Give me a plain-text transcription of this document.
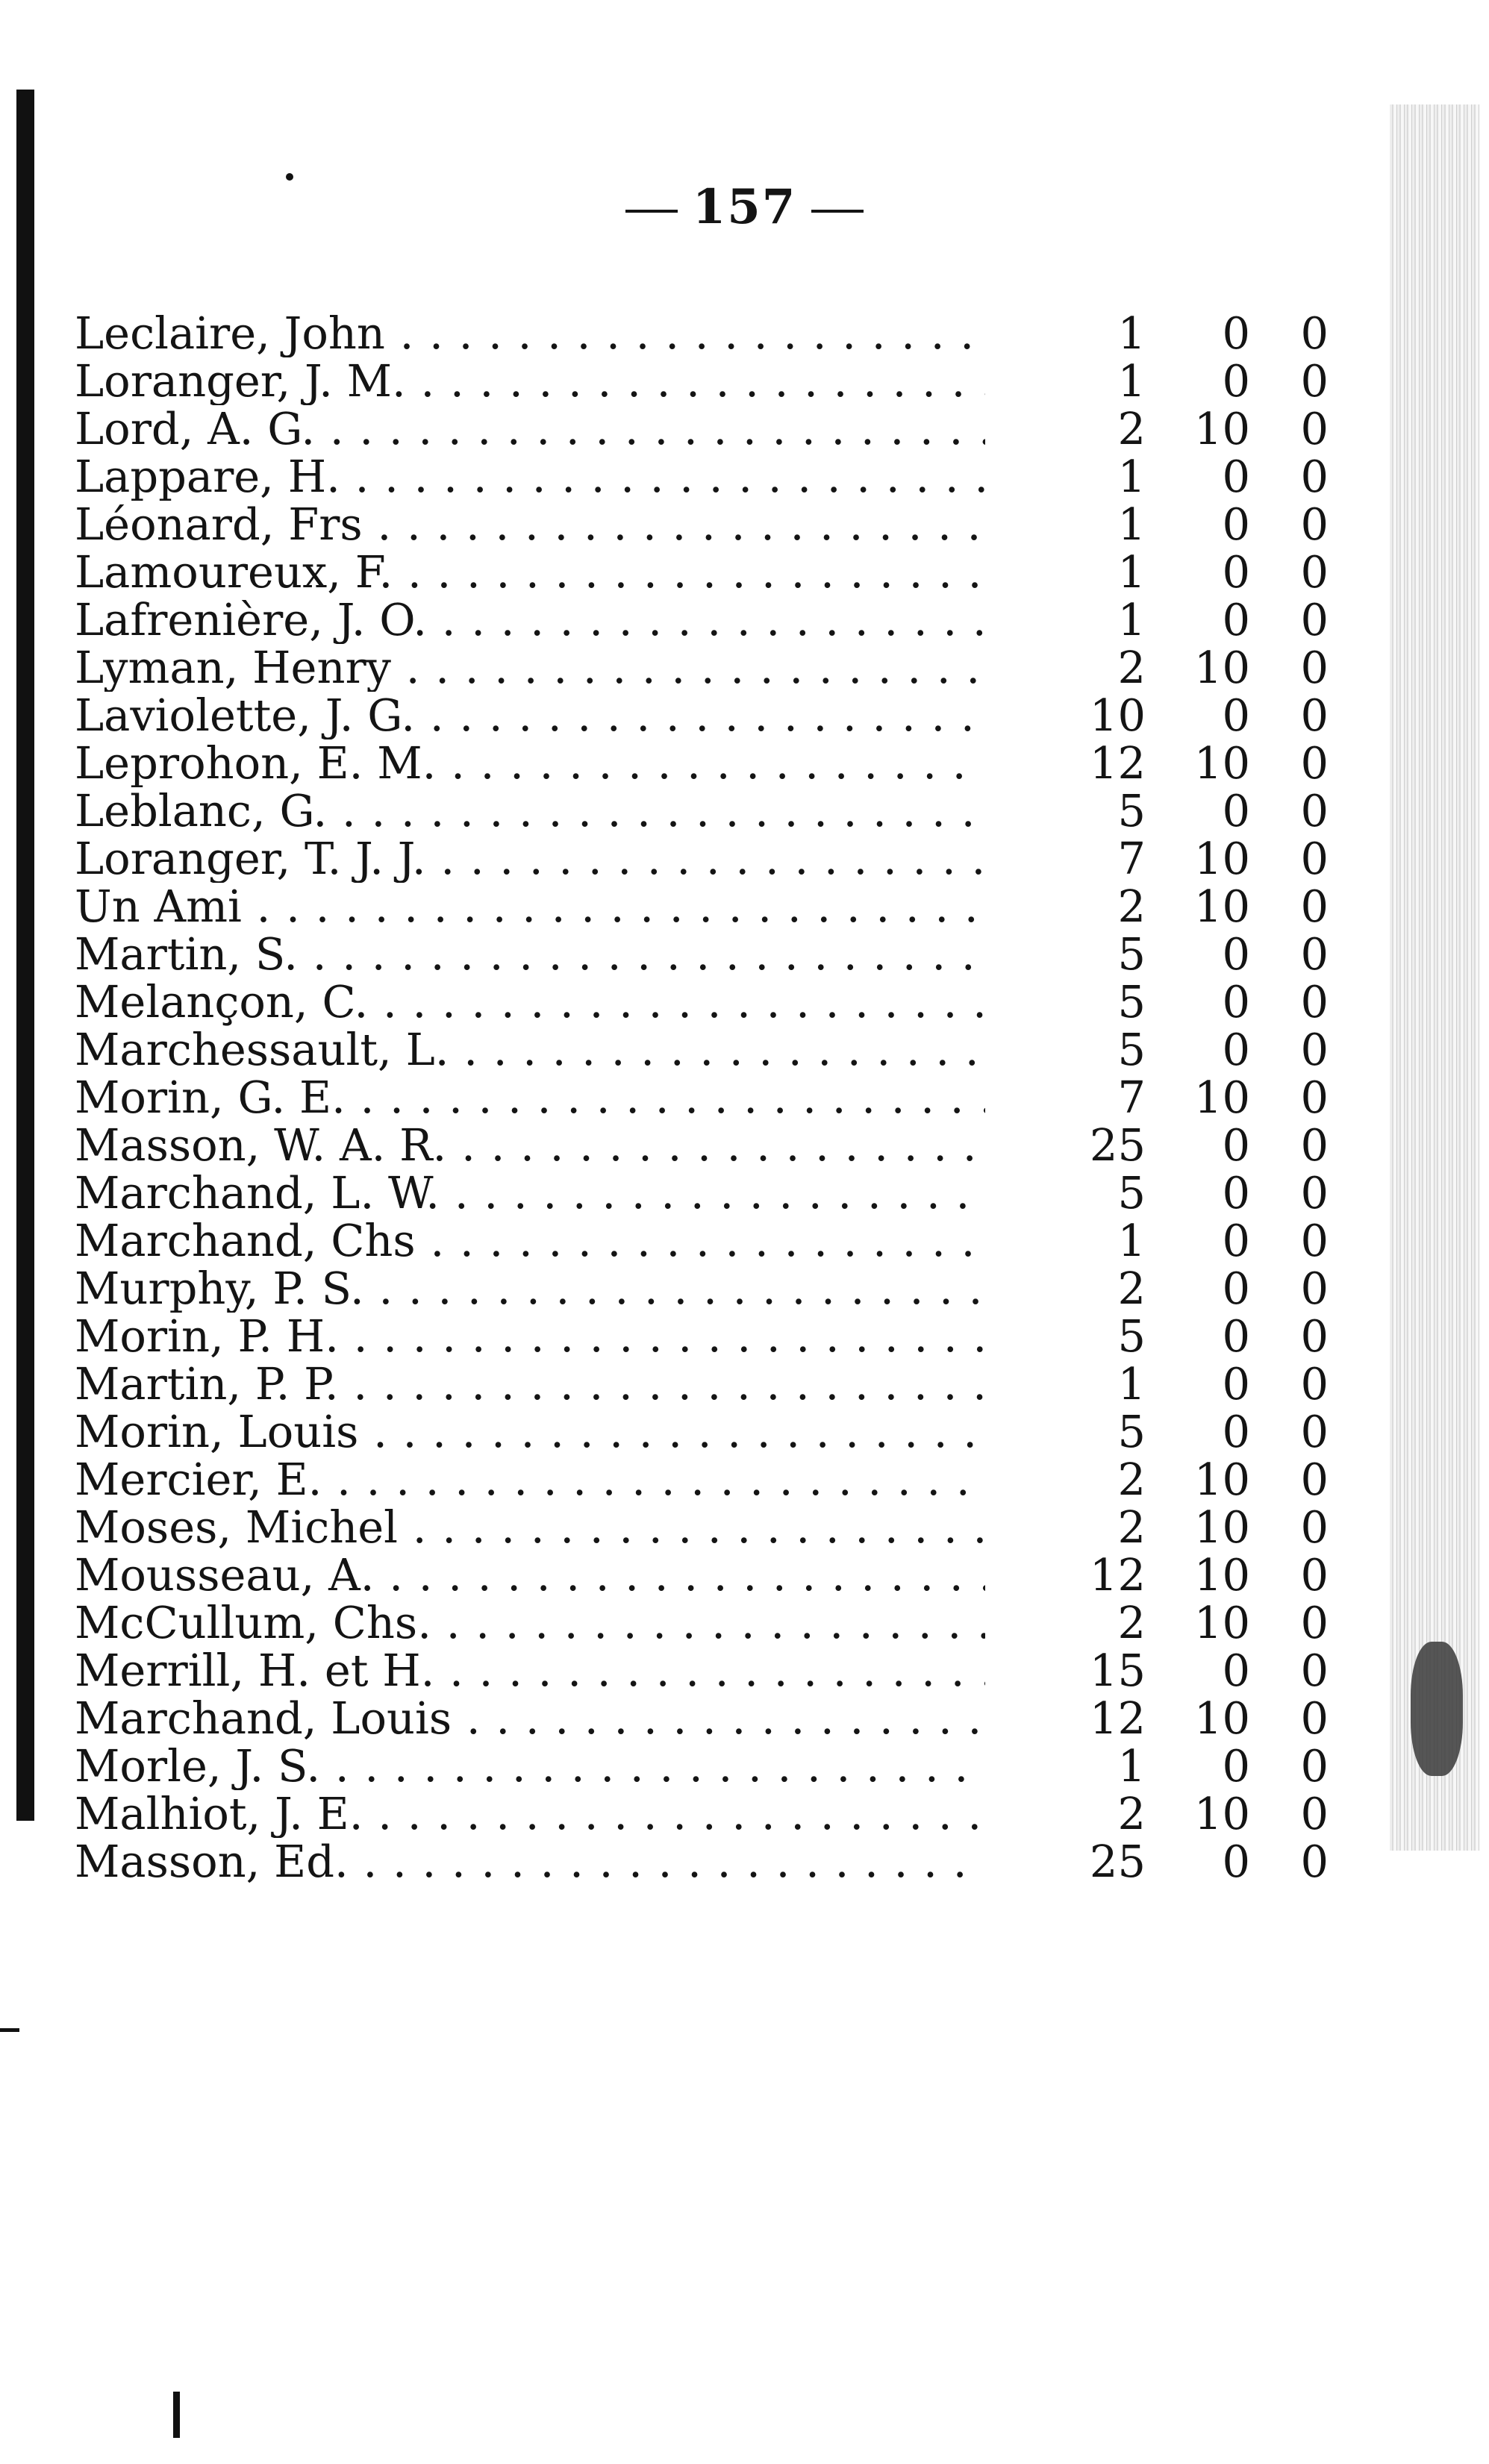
157
Leclaire, John . . .	1	0	0
Loranger, J. M. . . .	1	0	0
Lord, A. G. . . .	2	10	0
Lappare, H. . . .	1	0	0
Léonard, Frs . . .	1	0	0
Lamoureux, F. . . .	1	0	0
Lafrenière, J. O. . . .	1	0	0
Lyman, Henry . . .	2	10	0
Laviolette, J. G. . . .	10	0	0
Leprohon, E. M. . . .	12	10	0
Leblanc, G. . . .	5	0	0
Loranger, T. J. J. . . .	7	10	0
Un Ami . . .	2	10	0
Martin, S. . . .	5	0	0
Melançon, C. . . .	5	0	0
Marchessault, L. . . .	5	0	0
Morin, G. E. . . .	7	10	0
Masson, W. A. R. . . .	25	0	0
Marchand, L. W. . . .	5	0	0
Marchand, Chs . . .	1	0	0
Murphy, P. S. . . .	2	0	0
Morin, P. H. . . .	5	0	0
Martin, P. P. . . .	1	0	0
Morin, Louis . . .	5	0	0
Mercier, E. . . .	2	10	0
Moses, Michel . . .	2	10	0
Mousseau, A. . . .	12	10	0
McCullum, Chs. . . .	2	10	0
Merrill, H. et H. . . .	15	0	0
Marchand, Louis . . .	12	10	0
Morle, J. S. . . .	1	0	0
Malhiot, J. E. . . .	2	10	0
Masson, Ed. . . .	25	0	0
